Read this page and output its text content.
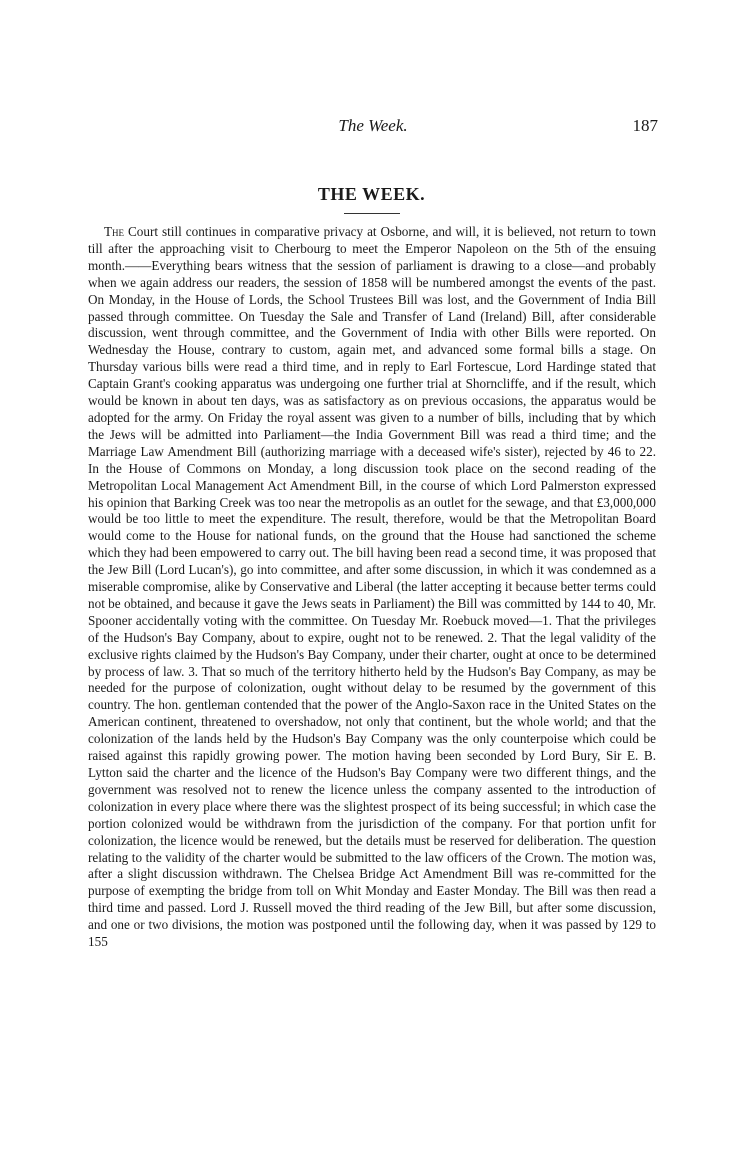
The Week.	187
THE WEEK.

The Court still continues in comparative privacy at Osborne, and will, it is believed, not return to town till after the approaching visit to Cherbourg to meet the Emperor Napoleon on the 5th of the ensuing month.——Everything bears witness that the session of parliament is drawing to a close—and probably when we again address our readers, the session of 1858 will be numbered amongst the events of the past. On Monday, in the House of Lords, the School Trustees Bill was lost, and the Government of India Bill passed through committee. On Tuesday the Sale and Transfer of Land (Ireland) Bill, after considerable discussion, went through committee, and the Government of India with other Bills were reported. On Wednesday the House, contrary to custom, again met, and advanced some formal bills a stage. On Thursday various bills were read a third time, and in reply to Earl Fortescue, Lord Hardinge stated that Captain Grant's cooking apparatus was undergoing one further trial at Shorncliffe, and if the result, which would be known in about ten days, was as satisfactory as on previous occasions, the apparatus would be adopted for the army. On Friday the royal assent was given to a number of bills, including that by which the Jews will be admitted into Parliament—the India Government Bill was read a third time; and the Marriage Law Amendment Bill (authorizing marriage with a deceased wife's sister), rejected by 46 to 22. In the House of Commons on Monday, a long discussion took place on the second reading of the Metropolitan Local Management Act Amendment Bill, in the course of which Lord Palmerston expressed his opinion that Barking Creek was too near the metropolis as an outlet for the sewage, and that £3,000,000 would be too little to meet the expenditure. The result, therefore, would be that the Metropolitan Board would come to the House for national funds, on the ground that the House had sanctioned the scheme which they had been empowered to carry out. The bill having been read a second time, it was proposed that the Jew Bill (Lord Lucan's), go into committee, and after some discussion, in which it was condemned as a miserable compromise, alike by Conservative and Liberal (the latter accepting it because better terms could not be obtained, and because it gave the Jews seats in Parliament) the Bill was committed by 144 to 40, Mr. Spooner accidentally voting with the committee. On Tuesday Mr. Roebuck moved—1. That the privileges of the Hudson's Bay Company, about to expire, ought not to be renewed. 2. That the legal validity of the exclusive rights claimed by the Hudson's Bay Company, under their charter, ought at once to be determined by process of law. 3. That so much of the territory hitherto held by the Hudson's Bay Company, as may be needed for the purpose of colonization, ought without delay to be resumed by the government of this country. The hon. gentleman contended that the power of the Anglo-Saxon race in the United States on the American continent, threatened to overshadow, not only that continent, but the whole world; and that the colonization of the lands held by the Hudson's Bay Company was the only counterpoise which could be raised against this rapidly growing power. The motion having been seconded by Lord Bury, Sir E. B. Lytton said the charter and the licence of the Hudson's Bay Company were two different things, and the government was resolved not to renew the licence unless the company assented to the introduction of colonization in every place where there was the slightest prospect of its being successful; in which case the portion colonized would be withdrawn from the jurisdiction of the company. For that portion unfit for colonization, the licence would be renewed, but the details must be reserved for deliberation. The question relating to the validity of the charter would be submitted to the law officers of the Crown. The motion was, after a slight discussion withdrawn. The Chelsea Bridge Act Amendment Bill was re-committed for the purpose of exempting the bridge from toll on Whit Monday and Easter Monday. The Bill was then read a third time and passed. Lord J. Russell moved the third reading of the Jew Bill, but after some discussion, and one or two divisions, the motion was postponed until the following day, when it was passed by 129 to 155
